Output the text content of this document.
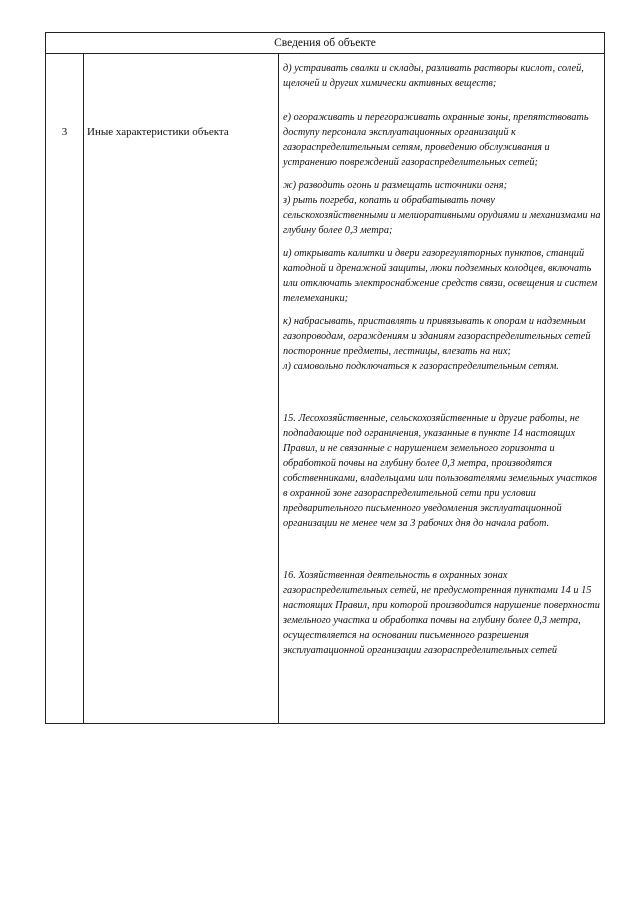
Сведения об объекте
3	Иные характеристики объекта

д) устраивать свалки и склады, разливать растворы кислот, солей, щелочей и других химически активных веществ;

е) огораживать и перегораживать охранные зоны, препятствовать доступу персонала эксплуатационных организаций к газораспределительным сетям, проведению обслуживания и устранению повреждений газораспределительных сетей;

ж) разводить огонь и размещать источники огня;

з) рыть погреба, копать и обрабатывать почву сельскохозяйственными и мелиоративными орудиями и механизмами на глубину более 0,3 метра;

и) открывать калитки и двери газорегуляторных пунктов, станций катодной и дренажной защиты, люки подземных колодцев, включать или отключать электроснабжение средств связи, освещения и систем телемеханики;

к) набрасывать, приставлять и привязывать к опорам и надземным газопроводам, ограждениям и зданиям газораспределительных сетей посторонние предметы, лестницы, влезать на них;

л) самовольно подключаться к газораспределительным сетям.

15. Лесохозяйственные, сельскохозяйственные и другие работы, не подпадающие под ограничения, указанные в пункте 14 настоящих Правил, и не связанные с нарушением земельного горизонта и обработкой почвы на глубину более 0,3 метра, производятся собственниками, владельцами или пользователями земельных участков в охранной зоне газораспределительной сети при условии предварительного письменного уведомления эксплуатационной организации не менее чем за 3 рабочих дня до начала работ.

16. Хозяйственная деятельность в охранных зонах газораспределительных сетей, не предусмотренная пунктами 14 и 15 настоящих Правил, при которой производится нарушение поверхности земельного участка и обработка почвы на глубину более 0,3 метра, осуществляется на основании письменного разрешения эксплуатационной организации газораспределительных сетей
